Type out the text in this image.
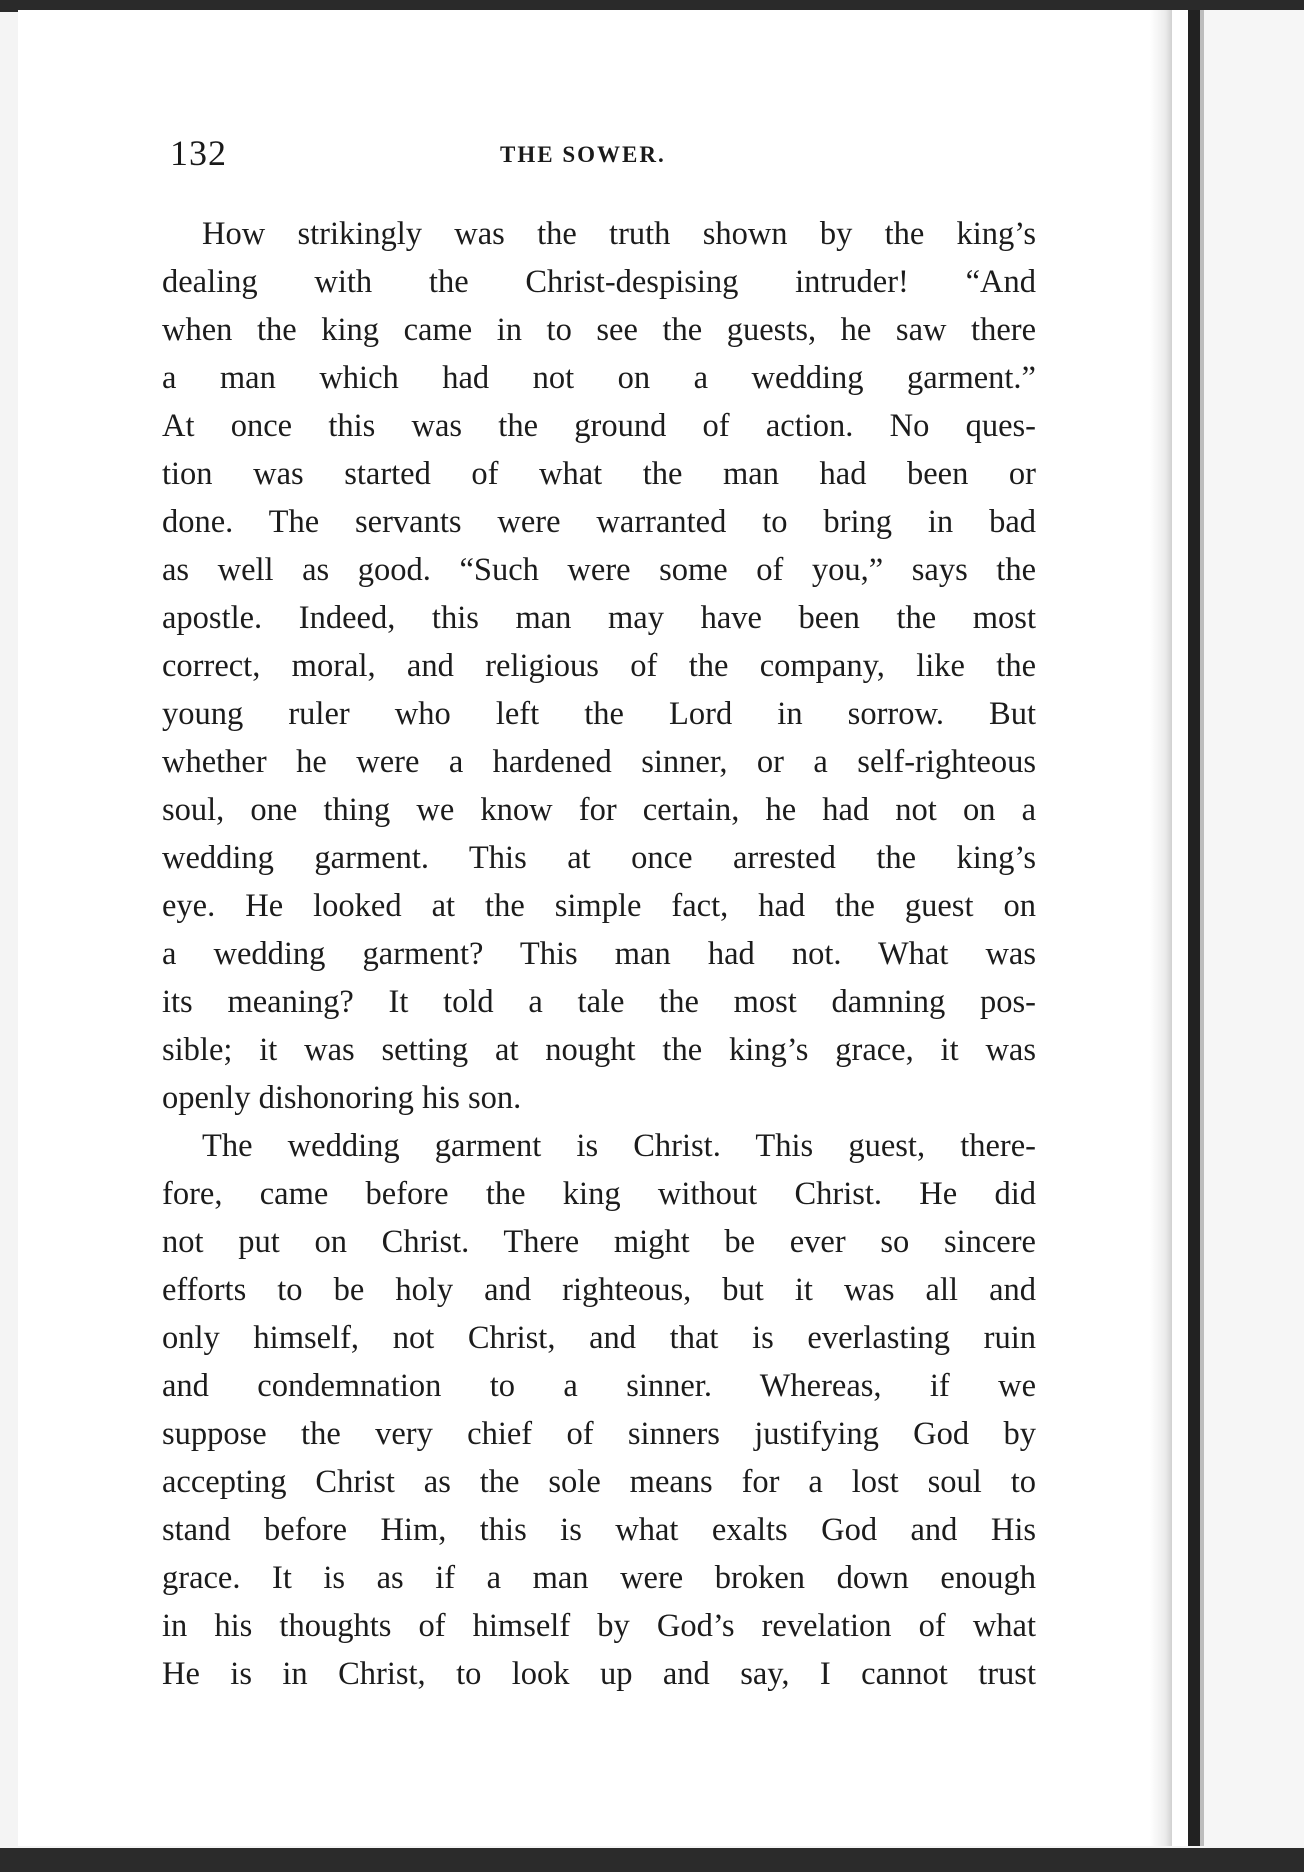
132	THE SOWER.

How strikingly was the truth shown by the king’s
dealing with the Christ-despising intruder! “And
when the king came in to see the guests, he saw there
a man which had not on a wedding garment.”
At once this was the ground of action. No ques-
tion was started of what the man had been or
done. The servants were warranted to bring in bad
as well as good. “Such were some of you,” says the
apostle. Indeed, this man may have been the most
correct, moral, and religious of the company, like the
young ruler who left the Lord in sorrow. But
whether he were a hardened sinner, or a self-righteous
soul, one thing we know for certain, he had not on a
wedding garment. This at once arrested the king’s
eye. He looked at the simple fact, had the guest on
a wedding garment? This man had not. What was
its meaning? It told a tale the most damning pos-
sible; it was setting at nought the king’s grace, it was
openly dishonoring his son.

The wedding garment is Christ. This guest, there-
fore, came before the king without Christ. He did
not put on Christ. There might be ever so sincere
efforts to be holy and righteous, but it was all and
only himself, not Christ, and that is everlasting ruin
and condemnation to a sinner. Whereas, if we
suppose the very chief of sinners justifying God by
accepting Christ as the sole means for a lost soul to
stand before Him, this is what exalts God and His
grace. It is as if a man were broken down enough
in his thoughts of himself by God’s revelation of what
He is in Christ, to look up and say, I cannot trust
